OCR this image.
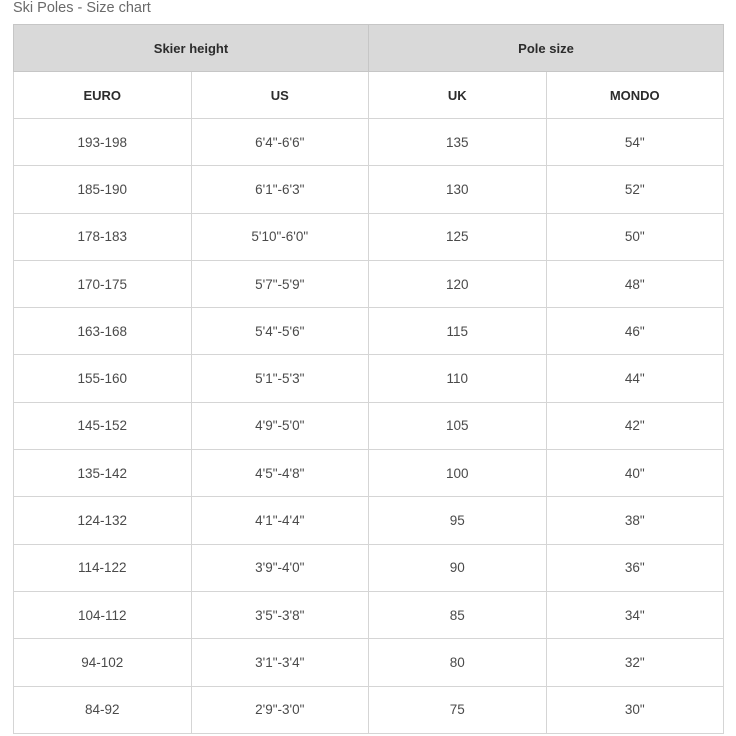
Ski Poles - Size chart
Skier height		Pole size	
EURO	US	UK	MONDO
193-198	6'4"-6'6"	135	54"
185-190	6'1"-6'3"	130	52"
178-183	5'10"-6'0"	125	50"
170-175	5'7"-5'9"	120	48"
163-168	5'4"-5'6"	115	46"
155-160	5'1"-5'3"	110	44"
145-152	4'9"-5'0"	105	42"
135-142	4'5"-4'8"	100	40"
124-132	4'1"-4'4"	95	38"
114-122	3'9"-4'0"	90	36"
104-112	3'5"-3'8"	85	34"
94-102	3'1"-3'4"	80	32"
84-92	2'9"-3'0"	75	30"
